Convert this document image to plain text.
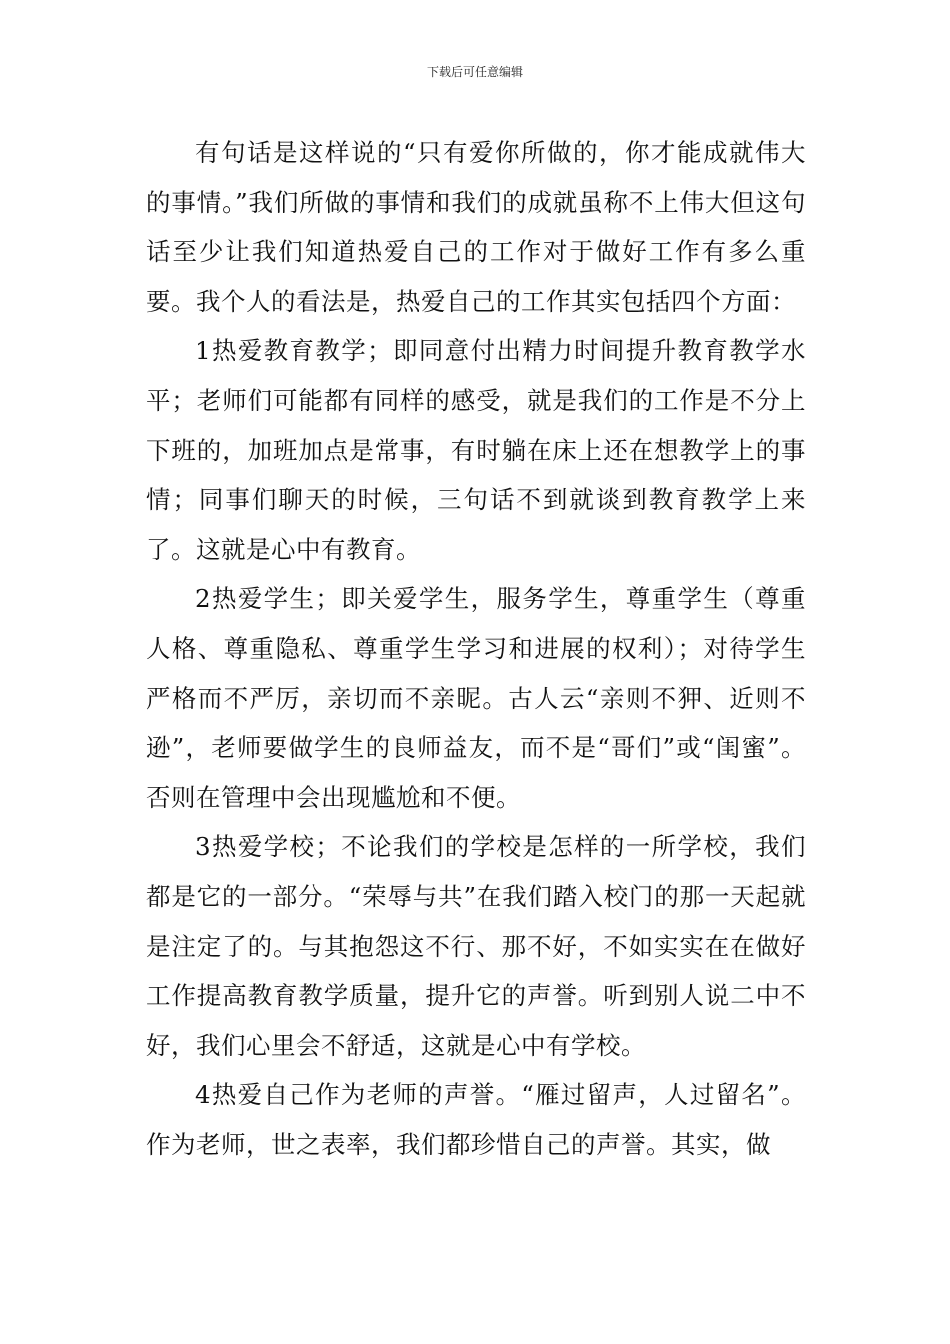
下载后可任意编辑

有句话是这样说的“只有爱你所做的，你才能成就伟大的事情。”我们所做的事情和我们的成就虽称不上伟大但这句话至少让我们知道热爱自己的工作对于做好工作有多么重要。我个人的看法是，热爱自己的工作其实包括四个方面：

1热爱教育教学；即同意付出精力时间提升教育教学水平；老师们可能都有同样的感受，就是我们的工作是不分上下班的，加班加点是常事，有时躺在床上还在想教学上的事情；同事们聊天的时候，三句话不到就谈到教育教学上来了。这就是心中有教育。

2热爱学生；即关爱学生，服务学生，尊重学生（尊重人格、尊重隐私、尊重学生学习和进展的权利）；对待学生严格而不严厉，亲切而不亲昵。古人云“亲则不狎、近则不逊”，老师要做学生的良师益友，而不是“哥们”或“闺蜜”。否则在管理中会出现尴尬和不便。

3热爱学校；不论我们的学校是怎样的一所学校，我们都是它的一部分。“荣辱与共”在我们踏入校门的那一天起就是注定了的。与其抱怨这不行、那不好，不如实实在在做好工作提高教育教学质量，提升它的声誉。听到别人说二中不好，我们心里会不舒适，这就是心中有学校。

4热爱自己作为老师的声誉。“雁过留声，人过留名”。作为老师，世之表率，我们都珍惜自己的声誉。其实，做
